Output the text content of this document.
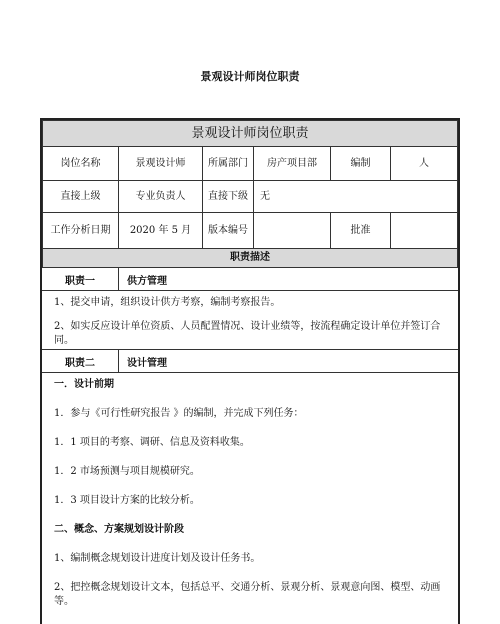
景观设计师岗位职责
景观设计师岗位职责					
岗位名称	景观设计师	所属部门	房产项目部	编制	人
直接上级	专业负责人	直接下级	无		
工作分析日期	2020 年 5 月	版本编号		批准	
职责描述					
职责一	供方管理

1、提交申请，组织设计供方考察，编制考察报告。

2、如实反应设计单位资质、人员配置情况、设计业绩等，按流程确定设计单位并签订合同。

职责二	设计管理

一．设计前期

1．参与《可行性研究报告 》的编制，并完成下列任务：

1．1 项目的考察、调研、信息及资料收集。

1．2 市场预测与项目规模研究。

1．3 项目设计方案的比较分析。

二、概念、方案规划设计阶段

1、编制概念规划设计进度计划及设计任务书。

2、把控概念规划设计文本，包括总平、交通分析、景观分析、景观意向图、模型、动画等。
